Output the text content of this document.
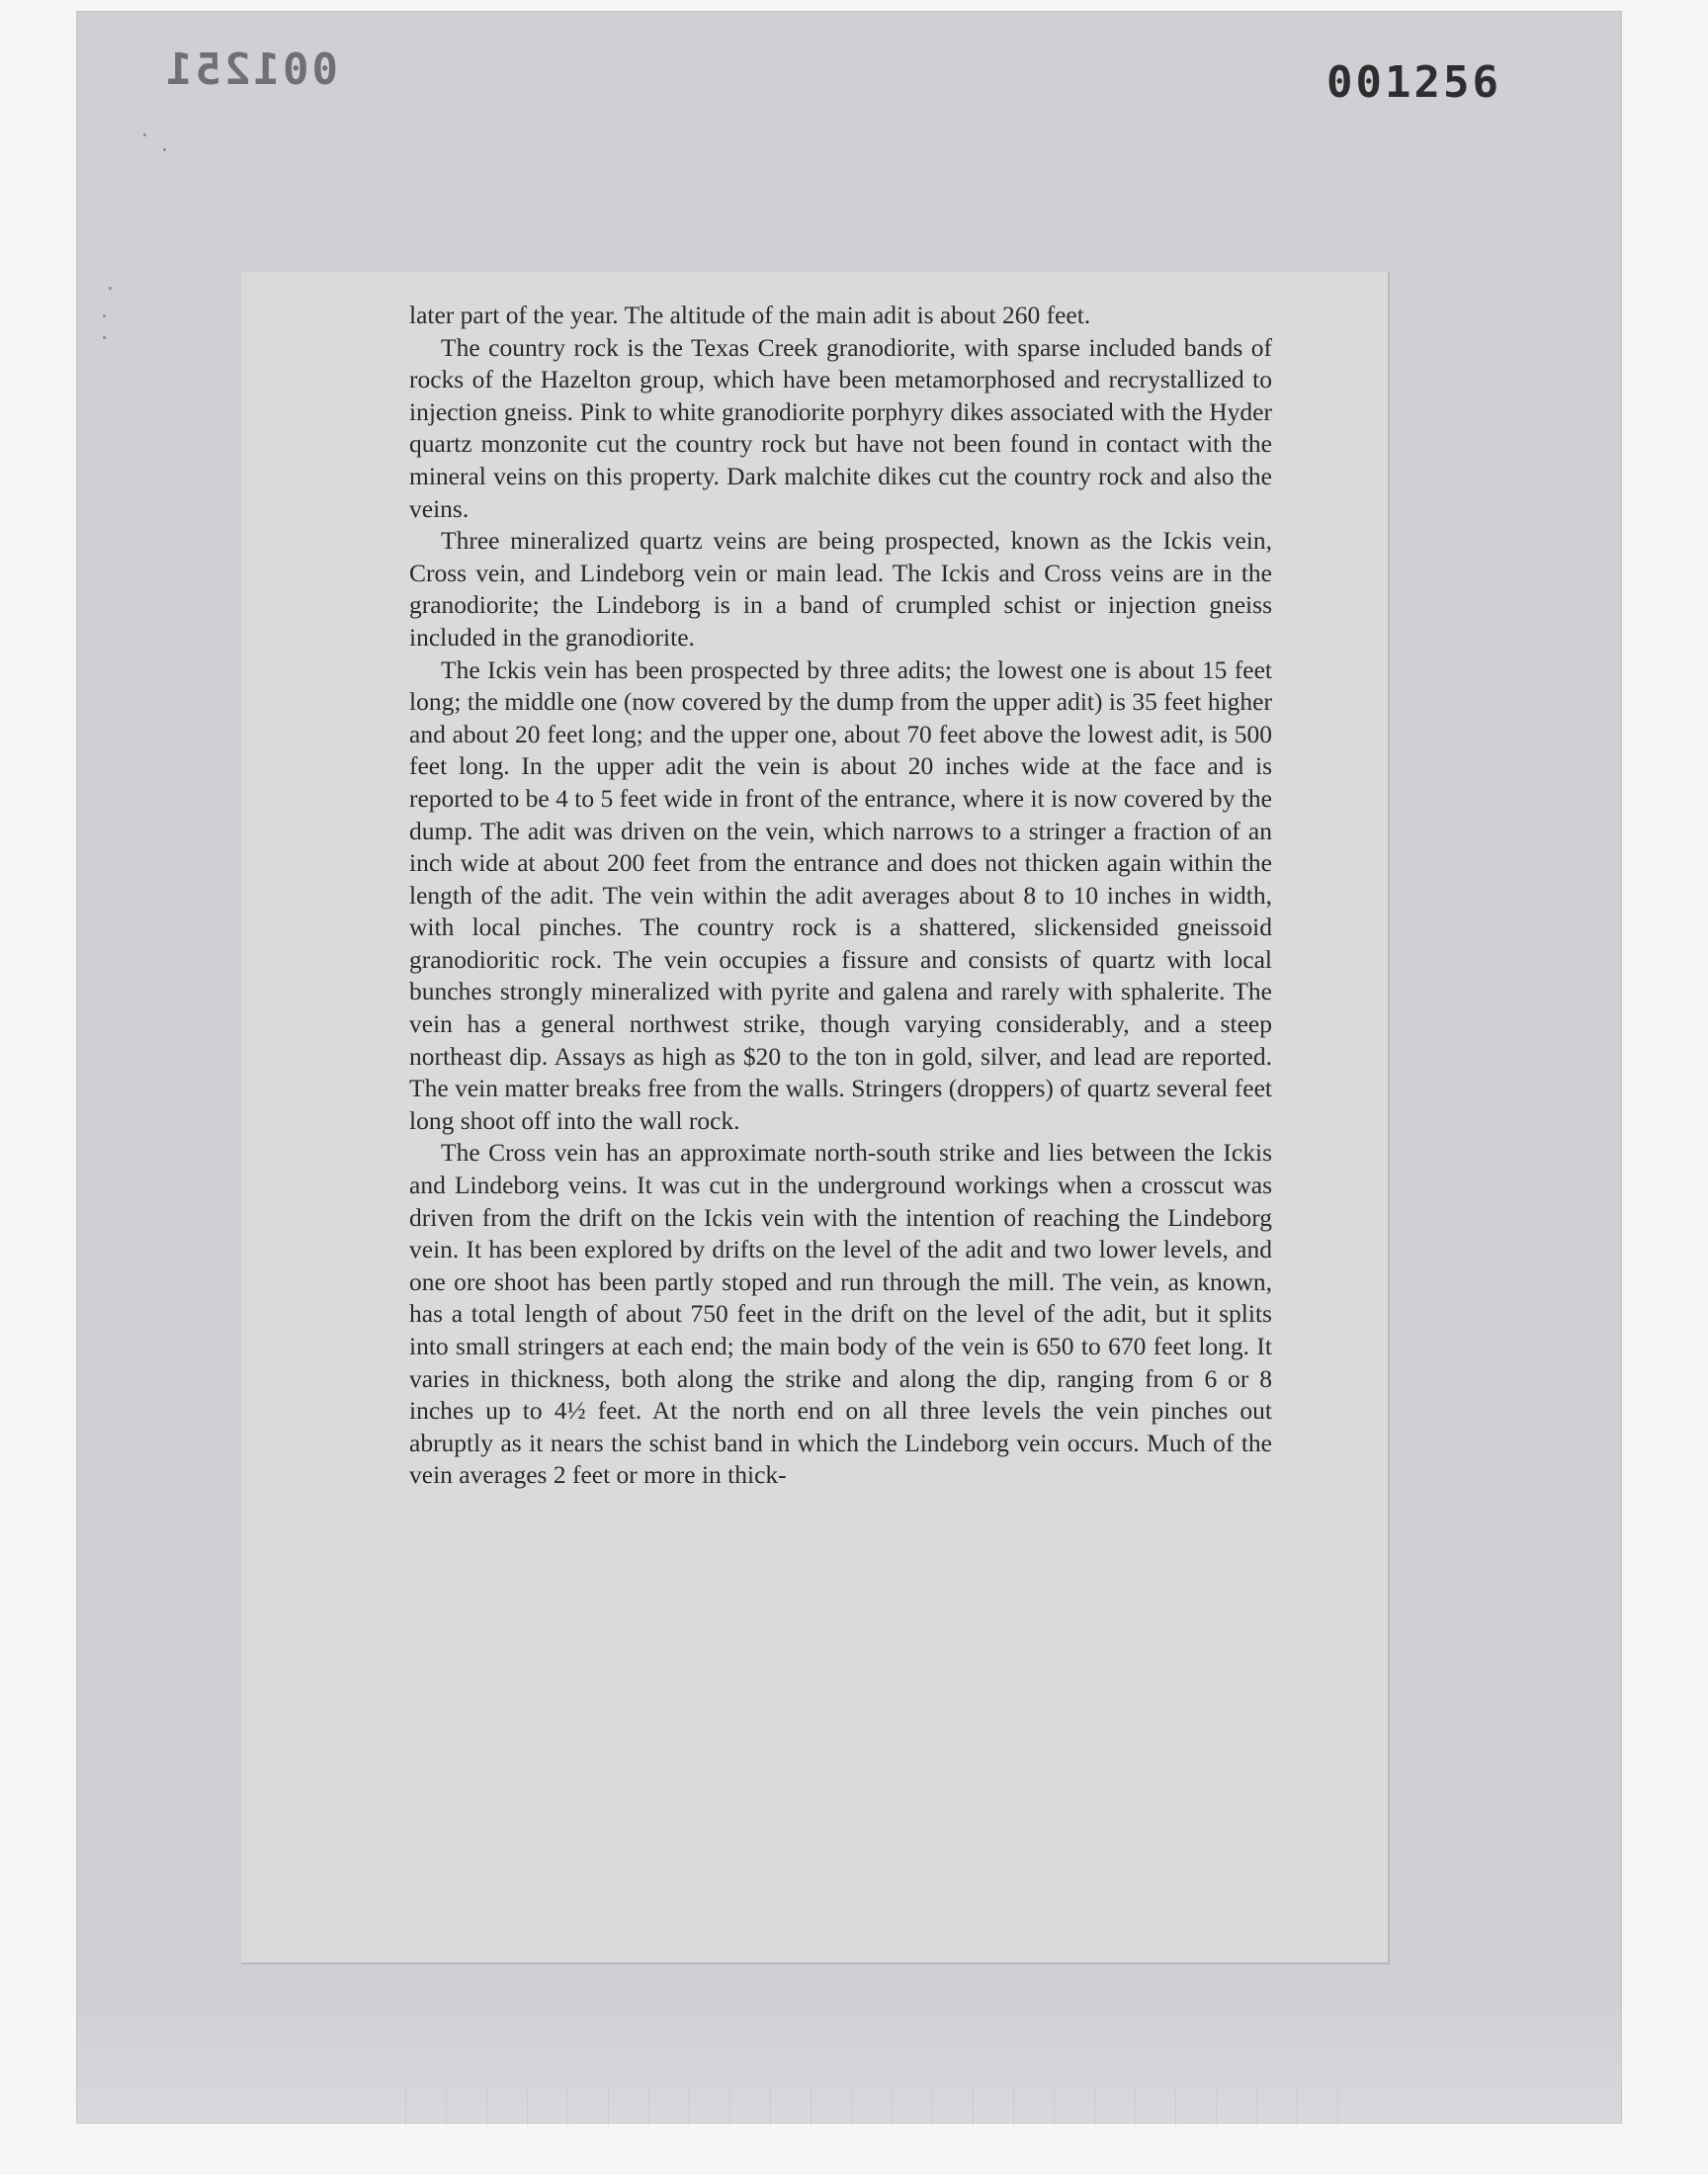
001251	001256

later part of the year. The altitude of the main adit is about 260 feet.

The country rock is the Texas Creek granodiorite, with sparse included bands of rocks of the Hazelton group, which have been metamorphosed and recrystallized to injection gneiss. Pink to white granodiorite porphyry dikes associated with the Hyder quartz monzonite cut the country rock but have not been found in contact with the mineral veins on this property. Dark malchite dikes cut the country rock and also the veins.

Three mineralized quartz veins are being prospected, known as the Ickis vein, Cross vein, and Lindeborg vein or main lead. The Ickis and Cross veins are in the granodiorite; the Lindeborg is in a band of crumpled schist or injection gneiss included in the granodiorite.

The Ickis vein has been prospected by three adits; the lowest one is about 15 feet long; the middle one (now covered by the dump from the upper adit) is 35 feet higher and about 20 feet long; and the upper one, about 70 feet above the lowest adit, is 500 feet long. In the upper adit the vein is about 20 inches wide at the face and is reported to be 4 to 5 feet wide in front of the entrance, where it is now covered by the dump. The adit was driven on the vein, which narrows to a stringer a fraction of an inch wide at about 200 feet from the entrance and does not thicken again within the length of the adit. The vein within the adit averages about 8 to 10 inches in width, with local pinches. The country rock is a shattered, slickensided gneissoid granodioritic rock. The vein occupies a fissure and consists of quartz with local bunches strongly mineralized with pyrite and galena and rarely with sphalerite. The vein has a general northwest strike, though varying considerably, and a steep northeast dip. Assays as high as $20 to the ton in gold, silver, and lead are reported. The vein matter breaks free from the walls. Stringers (droppers) of quartz several feet long shoot off into the wall rock.

The Cross vein has an approximate north-south strike and lies between the Ickis and Lindeborg veins. It was cut in the underground workings when a crosscut was driven from the drift on the Ickis vein with the intention of reaching the Lindeborg vein. It has been explored by drifts on the level of the adit and two lower levels, and one ore shoot has been partly stoped and run through the mill. The vein, as known, has a total length of about 750 feet in the drift on the level of the adit, but it splits into small stringers at each end; the main body of the vein is 650 to 670 feet long. It varies in thickness, both along the strike and along the dip, ranging from 6 or 8 inches up to 4½ feet. At the north end on all three levels the vein pinches out abruptly as it nears the schist band in which the Lindeborg vein occurs. Much of the vein averages 2 feet or more in thick-
